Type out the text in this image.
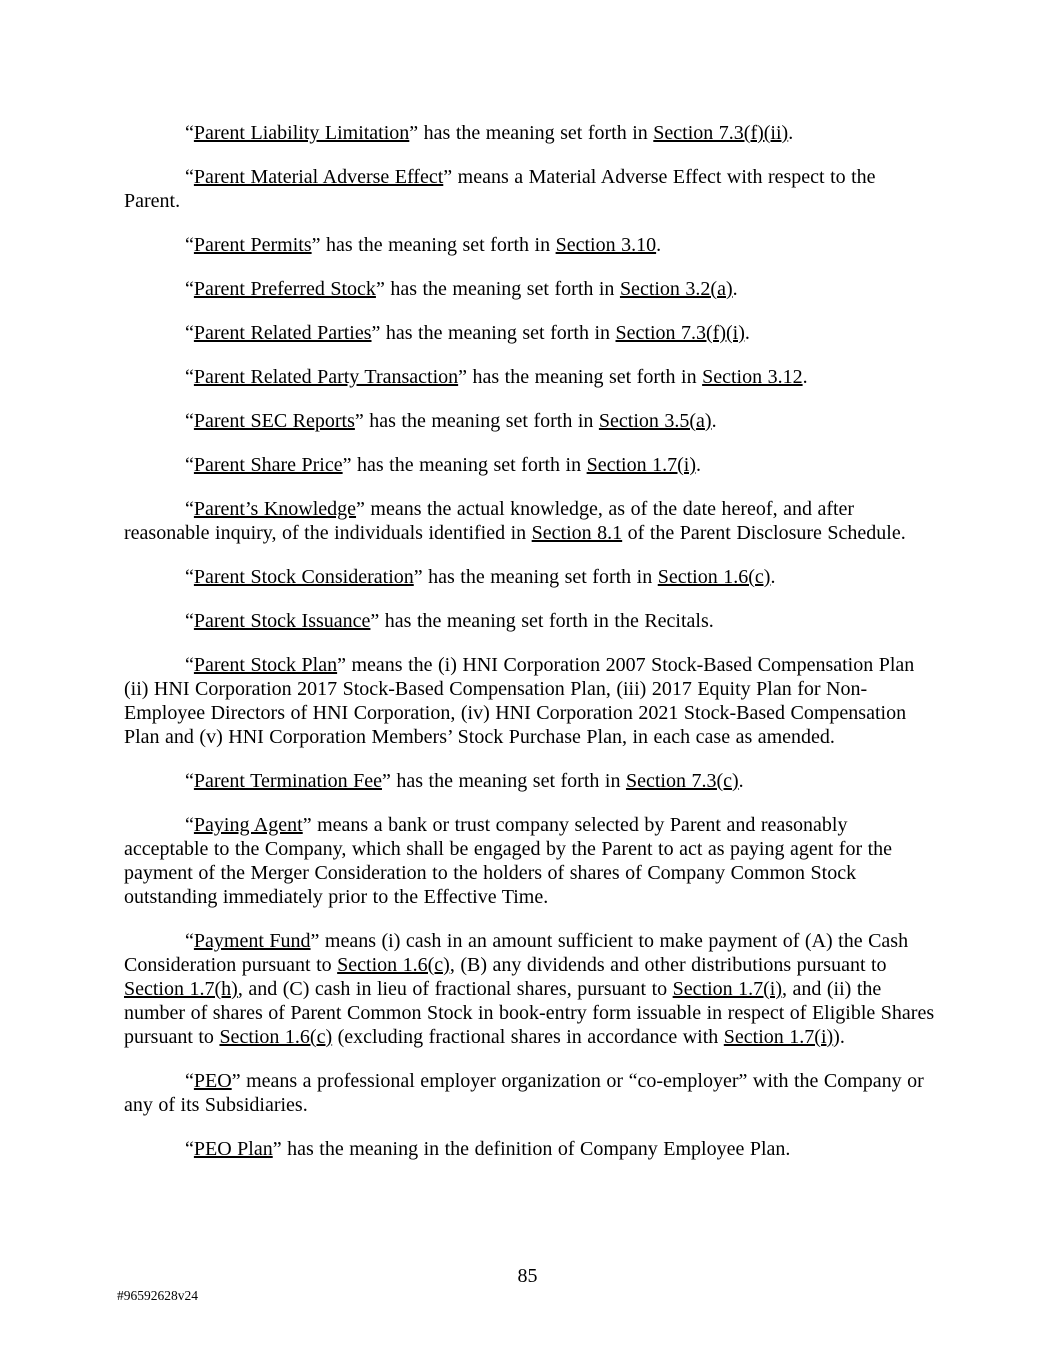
“Parent Liability Limitation” has the meaning set forth in Section 7.3(f)(ii).

“Parent Material Adverse Effect” means a Material Adverse Effect with respect to the Parent.

“Parent Permits” has the meaning set forth in Section 3.10.

“Parent Preferred Stock” has the meaning set forth in Section 3.2(a).

“Parent Related Parties” has the meaning set forth in Section 7.3(f)(i).

“Parent Related Party Transaction” has the meaning set forth in Section 3.12.

“Parent SEC Reports” has the meaning set forth in Section 3.5(a).

“Parent Share Price” has the meaning set forth in Section 1.7(i).

“Parent’s Knowledge” means the actual knowledge, as of the date hereof, and after reasonable inquiry, of the individuals identified in Section 8.1 of the Parent Disclosure Schedule.

“Parent Stock Consideration” has the meaning set forth in Section 1.6(c).

“Parent Stock Issuance” has the meaning set forth in the Recitals.

“Parent Stock Plan” means the (i) HNI Corporation 2007 Stock-Based Compensation Plan (ii) HNI Corporation 2017 Stock-Based Compensation Plan, (iii) 2017 Equity Plan for Non-Employee Directors of HNI Corporation, (iv) HNI Corporation 2021 Stock-Based Compensation Plan and (v) HNI Corporation Members’ Stock Purchase Plan, in each case as amended.

“Parent Termination Fee” has the meaning set forth in Section 7.3(c).

“Paying Agent” means a bank or trust company selected by Parent and reasonably acceptable to the Company, which shall be engaged by the Parent to act as paying agent for the payment of the Merger Consideration to the holders of shares of Company Common Stock outstanding immediately prior to the Effective Time.

“Payment Fund” means (i) cash in an amount sufficient to make payment of (A) the Cash Consideration pursuant to Section 1.6(c), (B) any dividends and other distributions pursuant to Section 1.7(h), and (C) cash in lieu of fractional shares, pursuant to Section 1.7(i), and (ii) the number of shares of Parent Common Stock in book-entry form issuable in respect of Eligible Shares pursuant to Section 1.6(c) (excluding fractional shares in accordance with Section 1.7(i)).

“PEO” means a professional employer organization or “co-employer” with the Company or any of its Subsidiaries.

“PEO Plan” has the meaning in the definition of Company Employee Plan.

85
#96592628v24
